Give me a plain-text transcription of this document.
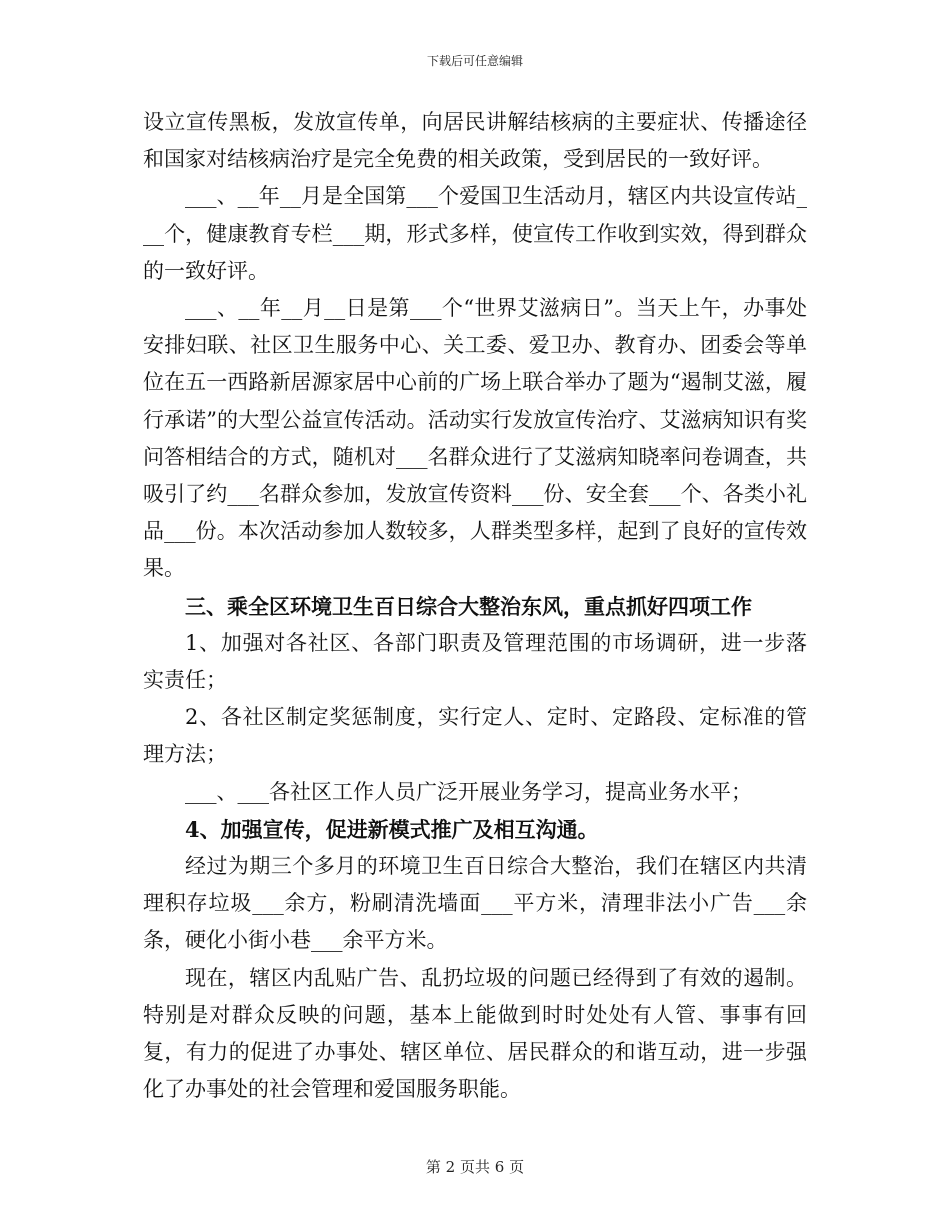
下载后可任意编辑

设立宣传黑板，发放宣传单，向居民讲解结核病的主要症状、传播途径和国家对结核病治疗是完全免费的相关政策，受到居民的一致好评。

___、__年__月是全国第___个爱国卫生活动月，辖区内共设宣传站___个，健康教育专栏___期，形式多样，使宣传工作收到实效，得到群众的一致好评。

___、__年__月__日是第___个“世界艾滋病日”。当天上午，办事处安排妇联、社区卫生服务中心、关工委、爱卫办、教育办、团委会等单位在五一西路新居源家居中心前的广场上联合举办了题为“遏制艾滋，履行承诺”的大型公益宣传活动。活动实行发放宣传治疗、艾滋病知识有奖问答相结合的方式，随机对___名群众进行了艾滋病知晓率问卷调查，共吸引了约___名群众参加，发放宣传资料___份、安全套___个、各类小礼品___份。本次活动参加人数较多，人群类型多样，起到了良好的宣传效果。

三、乘全区环境卫生百日综合大整治东风，重点抓好四项工作

1、加强对各社区、各部门职责及管理范围的市场调研，进一步落实责任；

2、各社区制定奖惩制度，实行定人、定时、定路段、定标准的管理方法；

___、___各社区工作人员广泛开展业务学习，提高业务水平；

4、加强宣传，促进新模式推广及相互沟通。

经过为期三个多月的环境卫生百日综合大整治，我们在辖区内共清理积存垃圾___余方，粉刷清洗墙面___平方米，清理非法小广告___余条，硬化小街小巷___余平方米。

现在，辖区内乱贴广告、乱扔垃圾的问题已经得到了有效的遏制。特别是对群众反映的问题，基本上能做到时时处处有人管、事事有回复，有力的促进了办事处、辖区单位、居民群众的和谐互动，进一步强化了办事处的社会管理和爱国服务职能。

第 2 页共 6 页
